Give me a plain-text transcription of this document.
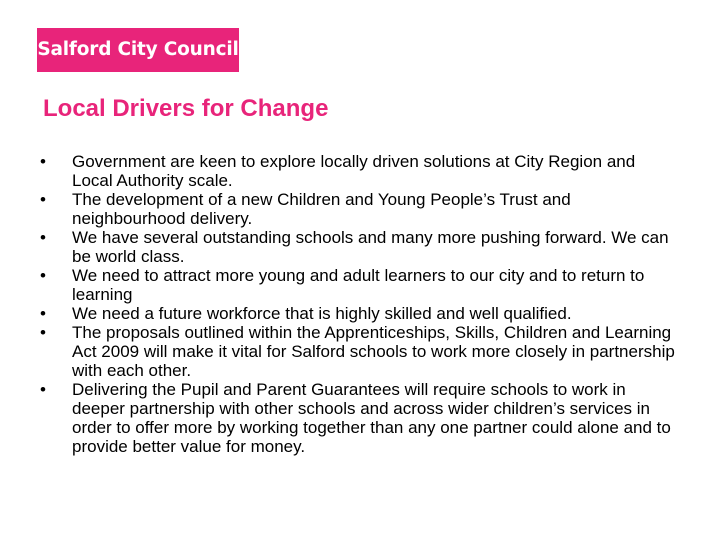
Salford City Council
Local Drivers for Change
• Government are keen to explore locally driven solutions at City Region and Local Authority scale.
• The development of a new Children and Young People’s Trust and neighbourhood delivery.
• We have several outstanding schools and many more pushing forward. We can be world class.
• We need to attract more young and adult learners to our city and to return to learning
• We need a future workforce that is highly skilled and well qualified.
• The proposals outlined within the Apprenticeships, Skills, Children and Learning Act 2009 will make it vital for Salford schools to work more closely in partnership with each other.
• Delivering the Pupil and Parent Guarantees will require schools to work in deeper partnership with other schools and across wider children’s services in order to offer more by working together than any one partner could alone and to provide better value for money.
